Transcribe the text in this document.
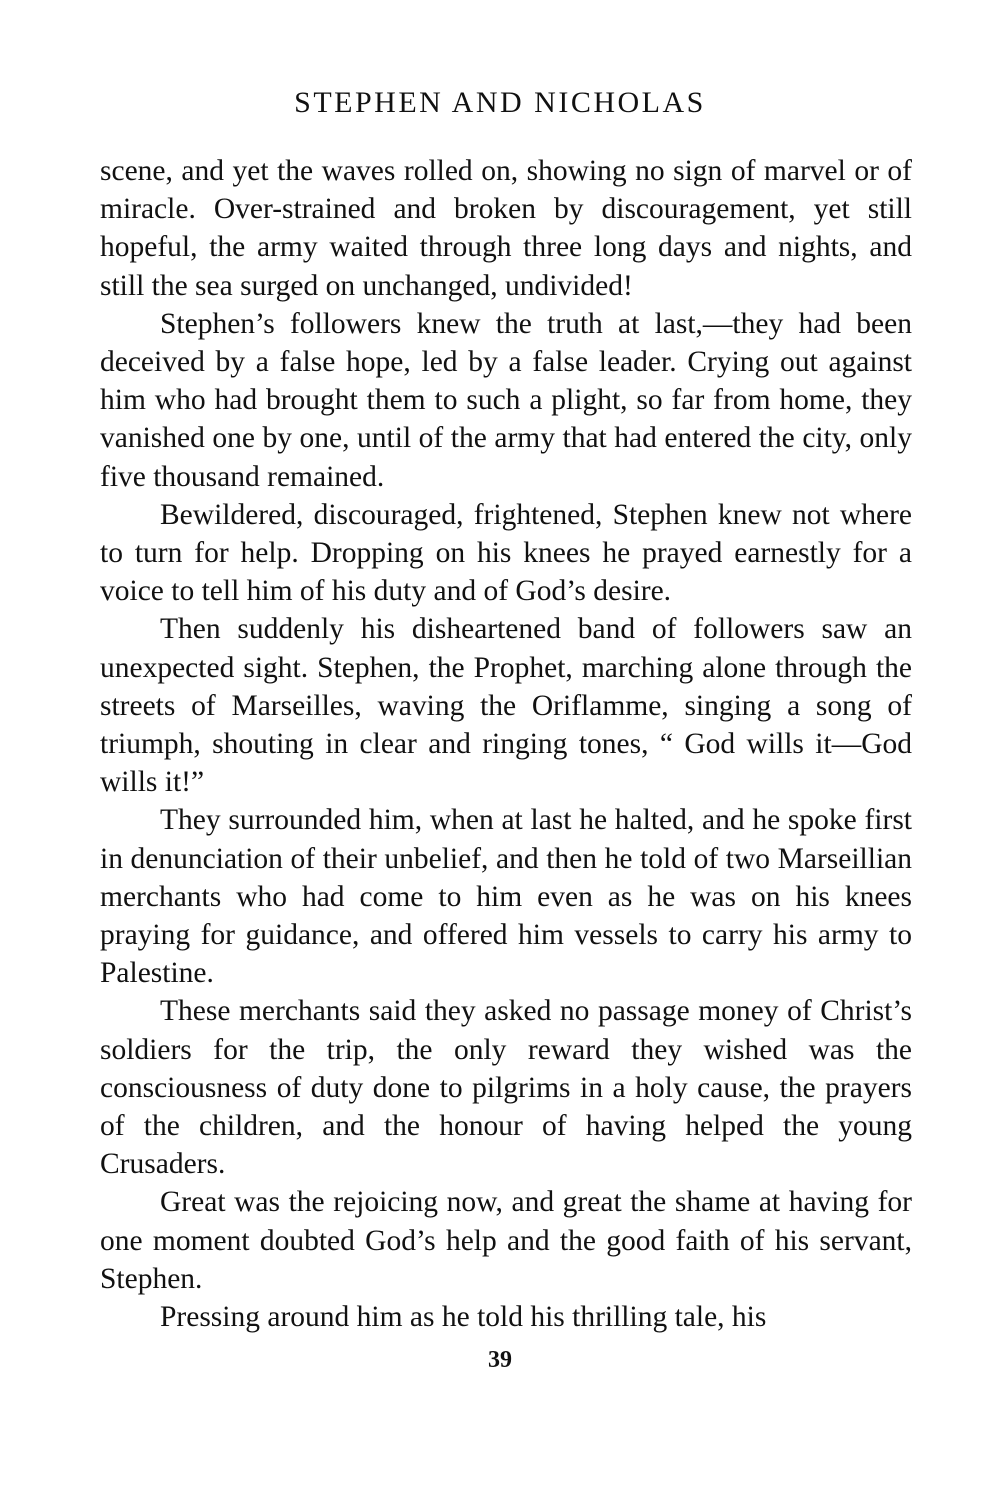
STEPHEN AND NICHOLAS

scene, and yet the waves rolled on, showing no sign of marvel or of miracle. Over-strained and broken by discouragement, yet still hopeful, the army waited through three long days and nights, and still the sea surged on unchanged, undivided!

Stephen’s followers knew the truth at last,—they had been deceived by a false hope, led by a false leader. Crying out against him who had brought them to such a plight, so far from home, they vanished one by one, until of the army that had entered the city, only five thousand remained.

Bewildered, discouraged, frightened, Stephen knew not where to turn for help. Dropping on his knees he prayed earnestly for a voice to tell him of his duty and of God’s desire.

Then suddenly his disheartened band of followers saw an unexpected sight. Stephen, the Prophet, marching alone through the streets of Marseilles, waving the Oriflamme, singing a song of triumph, shouting in clear and ringing tones, “ God wills it—God wills it!”

They surrounded him, when at last he halted, and he spoke first in denunciation of their unbelief, and then he told of two Marseillian merchants who had come to him even as he was on his knees praying for guidance, and offered him vessels to carry his army to Palestine.

These merchants said they asked no passage money of Christ’s soldiers for the trip, the only reward they wished was the consciousness of duty done to pilgrims in a holy cause, the prayers of the children, and the honour of having helped the young Crusaders.

Great was the rejoicing now, and great the shame at having for one moment doubted God’s help and the good faith of his servant, Stephen.

Pressing around him as he told his thrilling tale, his

39
